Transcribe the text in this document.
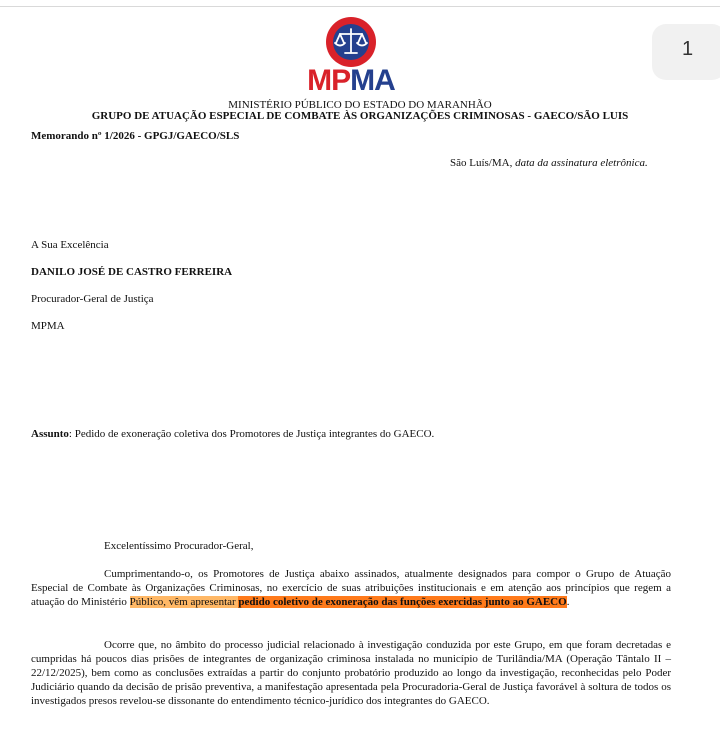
1
MPMA
MINISTÉRIO PÚBLICO DO ESTADO DO MARANHÃO
GRUPO DE ATUAÇÃO ESPECIAL DE COMBATE ÀS ORGANIZAÇÕES CRIMINOSAS - GAECO/SÃO LUIS
Memorando nº 1/2026 - GPGJ/GAECO/SLS
São Luís/MA, data da assinatura eletrônica.
A Sua Excelência
DANILO JOSÉ DE CASTRO FERREIRA
Procurador-Geral de Justiça
MPMA
Assunto: Pedido de exoneração coletiva dos Promotores de Justiça integrantes do GAECO.
Excelentíssimo Procurador-Geral,

Cumprimentando-o, os Promotores de Justiça abaixo assinados, atualmente designados para compor o Grupo de Atuação Especial de Combate às Organizações Criminosas, no exercício de suas atribuições institucionais e em atenção aos princípios que regem a atuação do Ministério Público, vêm apresentar pedido coletivo de exoneração das funções exercidas junto ao GAECO.

Ocorre que, no âmbito do processo judicial relacionado à investigação conduzida por este Grupo, em que foram decretadas e cumpridas há poucos dias prisões de integrantes de organização criminosa instalada no município de Turilândia/MA (Operação Tântalo II – 22/12/2025), bem como as conclusões extraídas a partir do conjunto probatório produzido ao longo da investigação, reconhecidas pelo Poder Judiciário quando da decisão de prisão preventiva, a manifestação apresentada pela Procuradoria-Geral de Justiça favorável à soltura de todos os investigados presos revelou-se dissonante do entendimento técnico-jurídico dos integrantes do GAECO.
